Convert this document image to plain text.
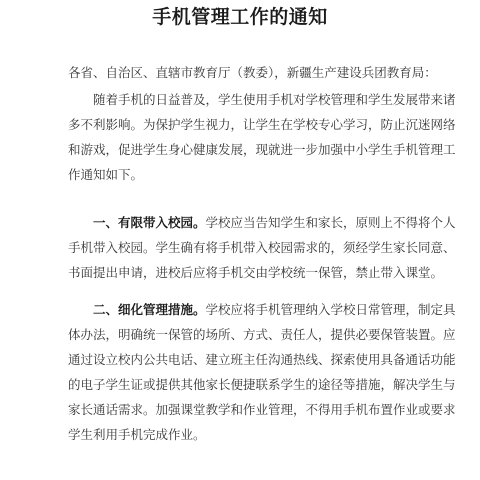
手机管理工作的通知
各省、自治区、直辖市教育厅（教委），新疆生产建设兵团教育局：
随着手机的日益普及，学生使用手机对学校管理和学生发展带来诸
多不利影响。为保护学生视力，让学生在学校专心学习，防止沉迷网络
和游戏，促进学生身心健康发展，现就进一步加强中小学生手机管理工
作通知如下。
一、有限带入校园。学校应当告知学生和家长，原则上不得将个人
手机带入校园。学生确有将手机带入校园需求的，须经学生家长同意、
书面提出申请，进校后应将手机交由学校统一保管，禁止带入课堂。
二、细化管理措施。学校应将手机管理纳入学校日常管理，制定具
体办法，明确统一保管的场所、方式、责任人，提供必要保管装置。应
通过设立校内公共电话、建立班主任沟通热线、探索使用具备通话功能
的电子学生证或提供其他家长便捷联系学生的途径等措施，解决学生与
家长通话需求。加强课堂教学和作业管理，不得用手机布置作业或要求
学生利用手机完成作业。
